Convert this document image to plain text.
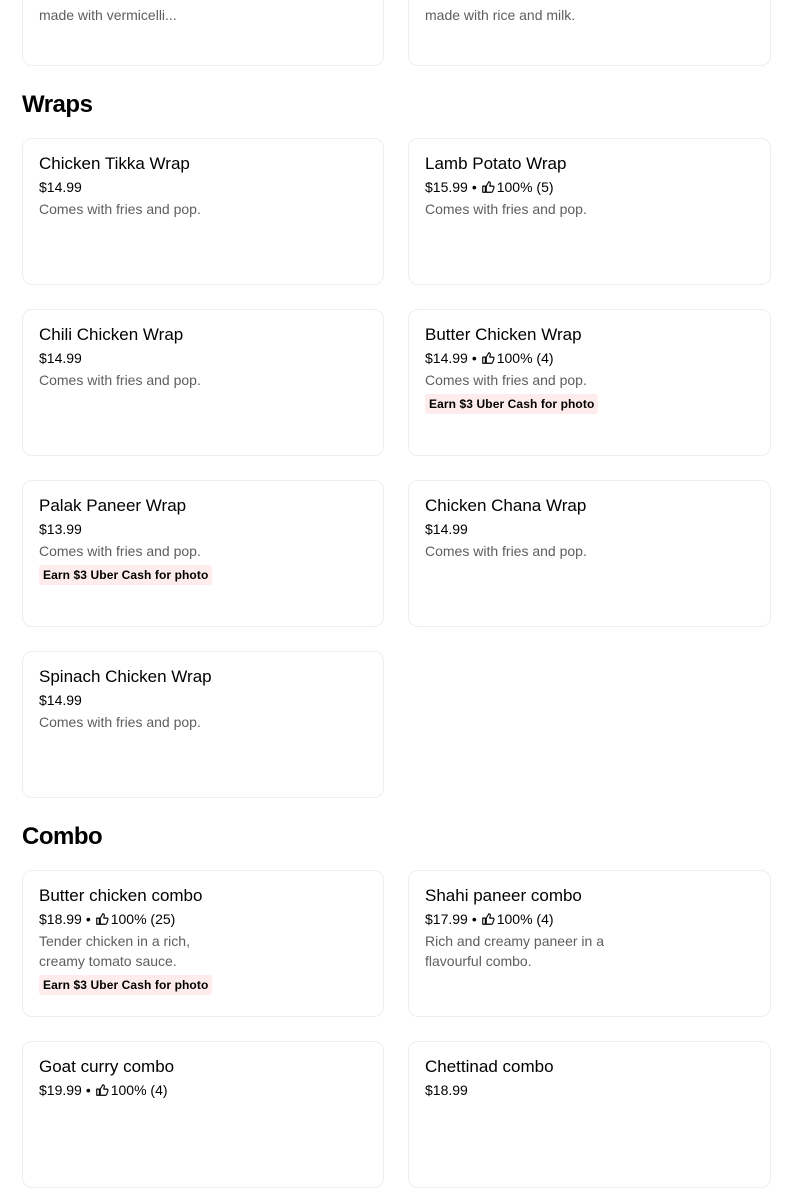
made with vermicelli...	made with rice and milk.
Wraps
Chicken Tikka Wrap
$14.99
Comes with fries and pop.
Lamb Potato Wrap
$15.99 • 100% (5)
Comes with fries and pop.
Chili Chicken Wrap
$14.99
Comes with fries and pop.
Butter Chicken Wrap
$14.99 • 100% (4)
Comes with fries and pop.
Earn $3 Uber Cash for photo
Palak Paneer Wrap
$13.99
Comes with fries and pop.
Earn $3 Uber Cash for photo
Chicken Chana Wrap
$14.99
Comes with fries and pop.
Spinach Chicken Wrap
$14.99
Comes with fries and pop.
Combo
Butter chicken combo
$18.99 • 100% (25)
Tender chicken in a rich, creamy tomato sauce.
Earn $3 Uber Cash for photo
Shahi paneer combo
$17.99 • 100% (4)
Rich and creamy paneer in a flavourful combo.
Goat curry combo
$19.99 • 100% (4)
Chettinad combo
$18.99
